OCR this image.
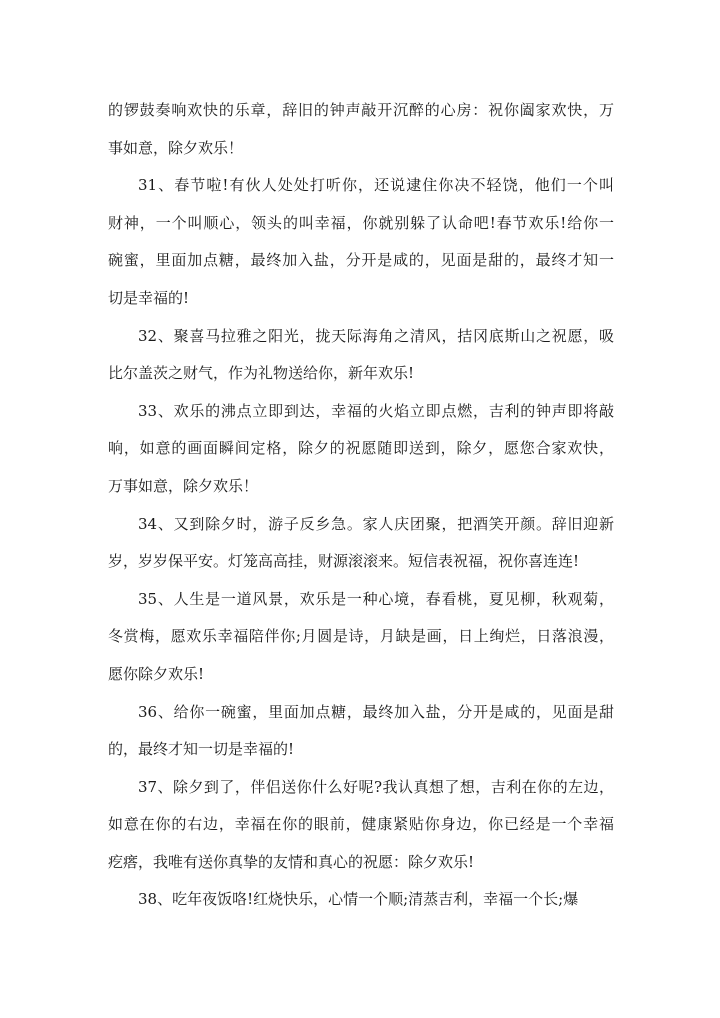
的锣鼓奏响欢快的乐章，辞旧的钟声敲开沉醉的心房：祝你阖家欢快，万
事如意，除夕欢乐！
31、春节啦!有伙人处处打听你，还说逮住你决不轻饶，他们一个叫
财神，一个叫顺心，领头的叫幸福，你就别躲了认命吧!春节欢乐!给你一
碗蜜，里面加点糖，最终加入盐，分开是咸的，见面是甜的，最终才知一
切是幸福的!
32、聚喜马拉雅之阳光，拢天际海角之清风，拮冈底斯山之祝愿，吸
比尔盖茨之财气，作为礼物送给你，新年欢乐!
33、欢乐的沸点立即到达，幸福的火焰立即点燃，吉利的钟声即将敲
响，如意的画面瞬间定格，除夕的祝愿随即送到，除夕，愿您合家欢快，
万事如意，除夕欢乐！
34、又到除夕时，游子反乡急。家人庆团聚，把酒笑开颜。辞旧迎新
岁，岁岁保平安。灯笼高高挂，财源滚滚来。短信表祝福，祝你喜连连!
35、人生是一道风景，欢乐是一种心境，春看桃，夏见柳，秋观菊，
冬赏梅，愿欢乐幸福陪伴你;月圆是诗，月缺是画，日上绚烂，日落浪漫，
愿你除夕欢乐!
36、给你一碗蜜，里面加点糖，最终加入盐，分开是咸的，见面是甜
的，最终才知一切是幸福的!
37、除夕到了，伴侣送你什么好呢?我认真想了想，吉利在你的左边，
如意在你的右边，幸福在你的眼前，健康紧贴你身边，你已经是一个幸福
疙瘩，我唯有送你真挚的友情和真心的祝愿：除夕欢乐!
38、吃年夜饭咯!红烧快乐，心情一个顺;清蒸吉利，幸福一个长;爆
